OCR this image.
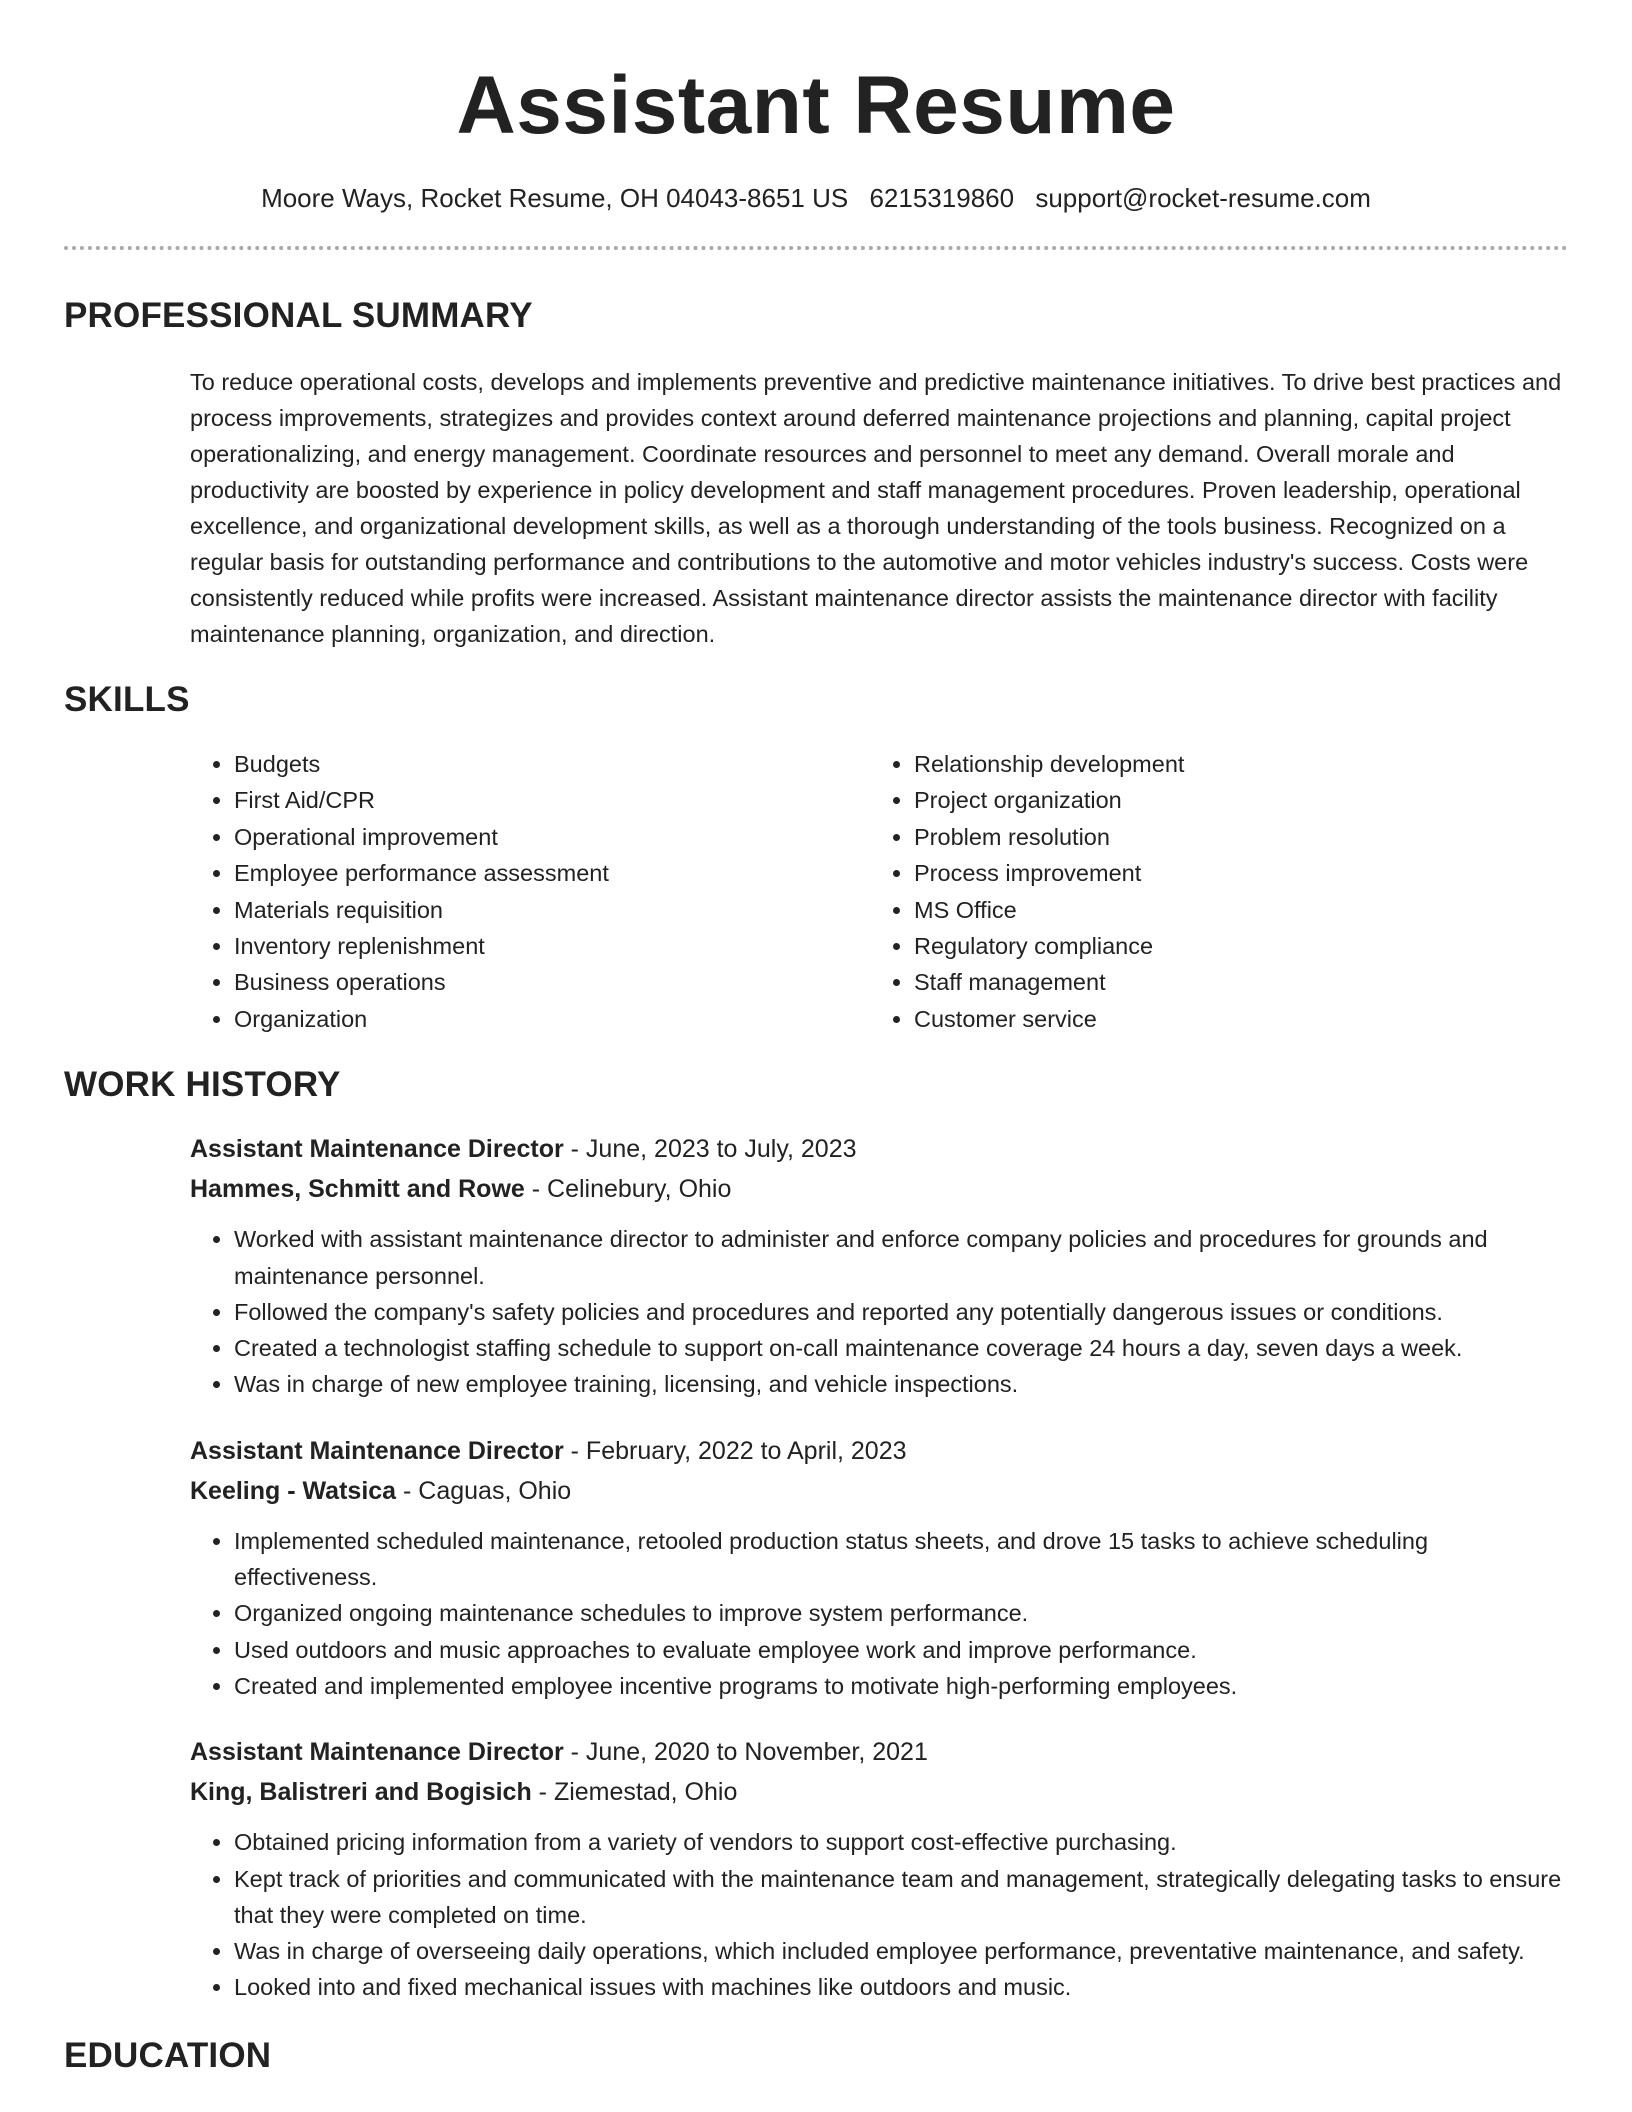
Assistant Resume
Moore Ways, Rocket Resume, OH 04043-8651 US 6215319860 support@rocket-resume.com
PROFESSIONAL SUMMARY

To reduce operational costs, develops and implements preventive and predictive maintenance initiatives. To drive best practices and process improvements, strategizes and provides context around deferred maintenance projections and planning, capital project operationalizing, and energy management. Coordinate resources and personnel to meet any demand. Overall morale and productivity are boosted by experience in policy development and staff management procedures. Proven leadership, operational excellence, and organizational development skills, as well as a thorough understanding of the tools business. Recognized on a regular basis for outstanding performance and contributions to the automotive and motor vehicles industry's success. Costs were consistently reduced while profits were increased. Assistant maintenance director assists the maintenance director with facility maintenance planning, organization, and direction.

SKILLS
• Budgets
• First Aid/CPR
• Operational improvement
• Employee performance assessment
• Materials requisition
• Inventory replenishment
• Business operations
• Organization
• Relationship development
• Project organization
• Problem resolution
• Process improvement
• MS Office
• Regulatory compliance
• Staff management
• Customer service
WORK HISTORY
Assistant Maintenance Director - June, 2023 to July, 2023
Hammes, Schmitt and Rowe - Celinebury, Ohio
• Worked with assistant maintenance director to administer and enforce company policies and procedures for grounds and maintenance personnel.
• Followed the company's safety policies and procedures and reported any potentially dangerous issues or conditions.
• Created a technologist staffing schedule to support on-call maintenance coverage 24 hours a day, seven days a week.
• Was in charge of new employee training, licensing, and vehicle inspections.
Assistant Maintenance Director - February, 2022 to April, 2023
Keeling - Watsica - Caguas, Ohio
• Implemented scheduled maintenance, retooled production status sheets, and drove 15 tasks to achieve scheduling effectiveness.
• Organized ongoing maintenance schedules to improve system performance.
• Used outdoors and music approaches to evaluate employee work and improve performance.
• Created and implemented employee incentive programs to motivate high-performing employees.
Assistant Maintenance Director - June, 2020 to November, 2021
King, Balistreri and Bogisich - Ziemestad, Ohio
• Obtained pricing information from a variety of vendors to support cost-effective purchasing.
• Kept track of priorities and communicated with the maintenance team and management, strategically delegating tasks to ensure that they were completed on time.
• Was in charge of overseeing daily operations, which included employee performance, preventative maintenance, and safety.
• Looked into and fixed mechanical issues with machines like outdoors and music.
EDUCATION
